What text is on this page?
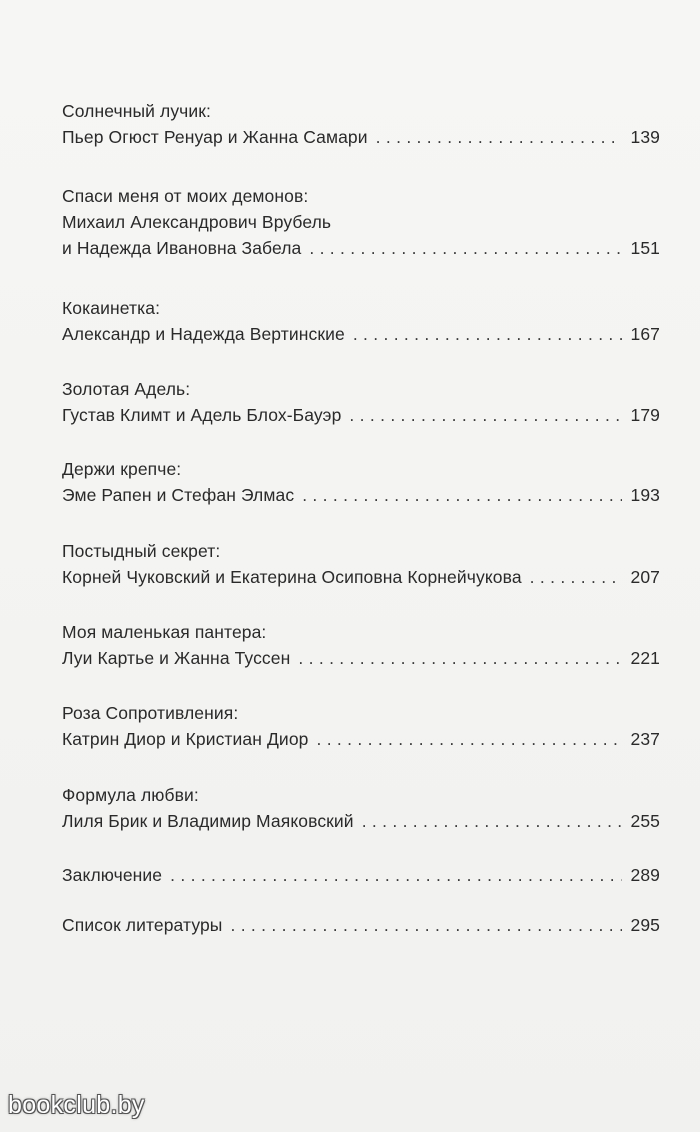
Солнечный лучик:
Пьер Огюст Ренуар и Жанна Самари . . .	139
Спаси меня от моих демонов:
Михаил Александрович Врубель
и Надежда Ивановна Забела . . .	151
Кокаинетка:
Александр и Надежда Вертинские . . .	167
Золотая Адель:
Густав Климт и Адель Блох-Бауэр . . .	179
Держи крепче:
Эме Рапен и Стефан Элмас . . .	193
Постыдный секрет:
Корней Чуковский и Екатерина Осиповна Корнейчукова . . .	207
Моя маленькая пантера:
Луи Картье и Жанна Туссен . . .	221
Роза Сопротивления:
Катрин Диор и Кристиан Диор . . .	237
Формула любви:
Лиля Брик и Владимир Маяковский . . .	255
Заключение . . .	289
Список литературы . . .	295
bookclub.by
